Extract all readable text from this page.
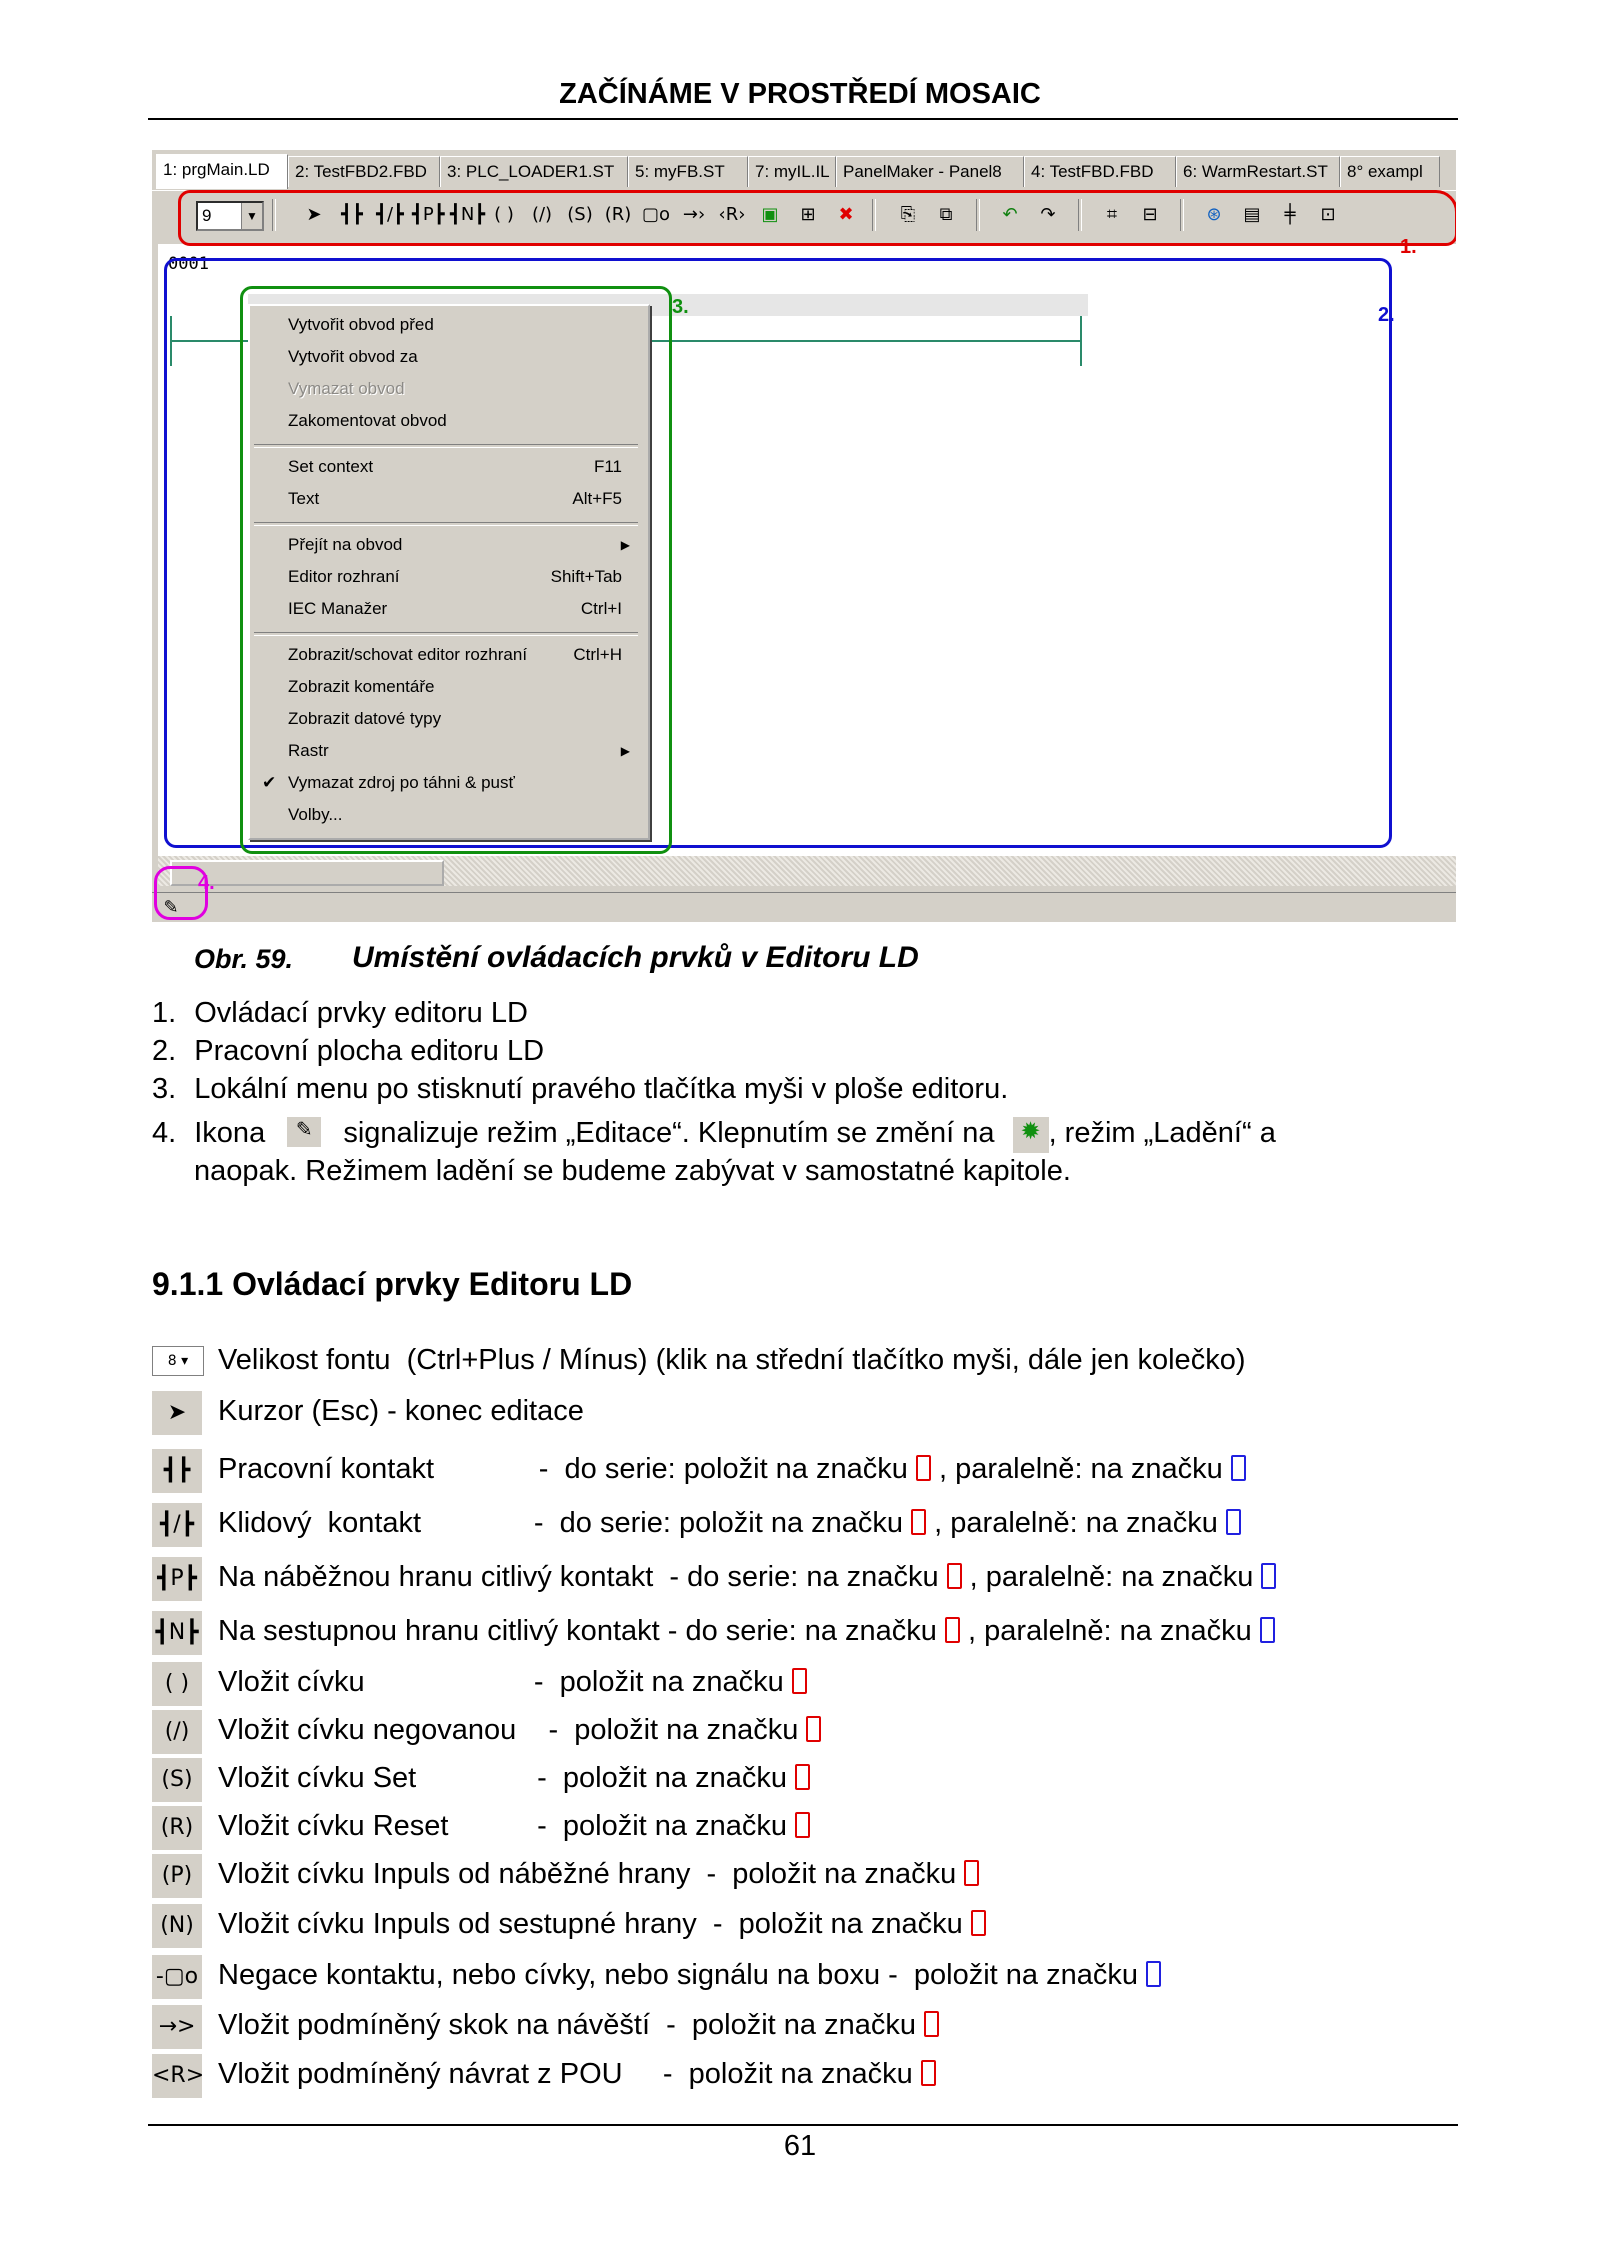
ZAČÍNÁME V PROSTŘEDÍ MOSAIC
1: prgMain.LD	2: TestFBD2.FBD	3: PLC_LOADER1.ST	5: myFB.ST	7: myIL.IL PanelMaker - Panel8	4: TestFBD.FBD	6: WarmRestart.ST	8° exampl
9	▼	➤	┫┣ ┫/┣ ┫P┣ ┫N┣ ( )	(/) (S) (R) ▢o →› ‹R› ▣	⊞	✖	⎘	⧉	↶	↷	⌗	⊟	⊛	▤	╪	⊡
0001
✎
Vytvořit obvod před
Vytvořit obvod za
Vymazat obvod
Zakomentovat obvod
Set context	F11
Text	Alt+F5
Přejít na obvod	▶
Editor rozhraní	Shift+Tab
IEC Manažer	Ctrl+I
Zobrazit/schovat editor rozhraní	Ctrl+H
Zobrazit komentáře
Zobrazit datové typy
Rastr	▶
✔ Vymazat zdroj po táhni & pusť
Volby...
1.
2.
3.
4.
Obr. 59. Umístění ovládacích prvků v Editoru LD
1. Ovládací prvky editoru LD
2. Pracovní plocha editoru LD
3. Lokální menu po stisknutí pravého tlačítka myši v ploše editoru.
4. Ikona ✎ signalizuje režim „Editace“. Klepnutím se změní na ✹ , režim „Ladění“ a
naopak. Režimem ladění se budeme zabývat v samostatné kapitole.
9.1.1 Ovládací prvky Editoru LD
8 ▾	Velikost fontu  (Ctrl+Plus / Mínus) (klik na střední tlačítko myši, dále jen kolečko)
➤	Kurzor (Esc) - konec editace
┫┣ Pracovní kontakt             -  do serie: položit na značku  , paralelně: na značku
┫/┣ Klidový  kontakt              -  do serie: položit na značku  , paralelně: na značku
┫P┣ Na náběžnou hranu citlivý kontakt  - do serie: na značku  , paralelně: na značku
┫N┣ Na sestupnou hranu citlivý kontakt - do serie: na značku  , paralelně: na značku
( ) Vložit cívku                     -  položit na značku
(/) Vložit cívku negovanou    -  položit na značku
(S) Vložit cívku Set               -  položit na značku
(R) Vložit cívku Reset           -  položit na značku
(P) Vložit cívku Inpuls od náběžné hrany  -  položit na značku
(N) Vložit cívku Inpuls od sestupné hrany  -  položit na značku
-▢o Negace kontaktu, nebo cívky, nebo signálu na boxu -  položit na značku
→> Vložit podmíněný skok na návěští  -  položit na značku
<R> Vložit podmíněný návrat z POU     -  položit na značku
61
